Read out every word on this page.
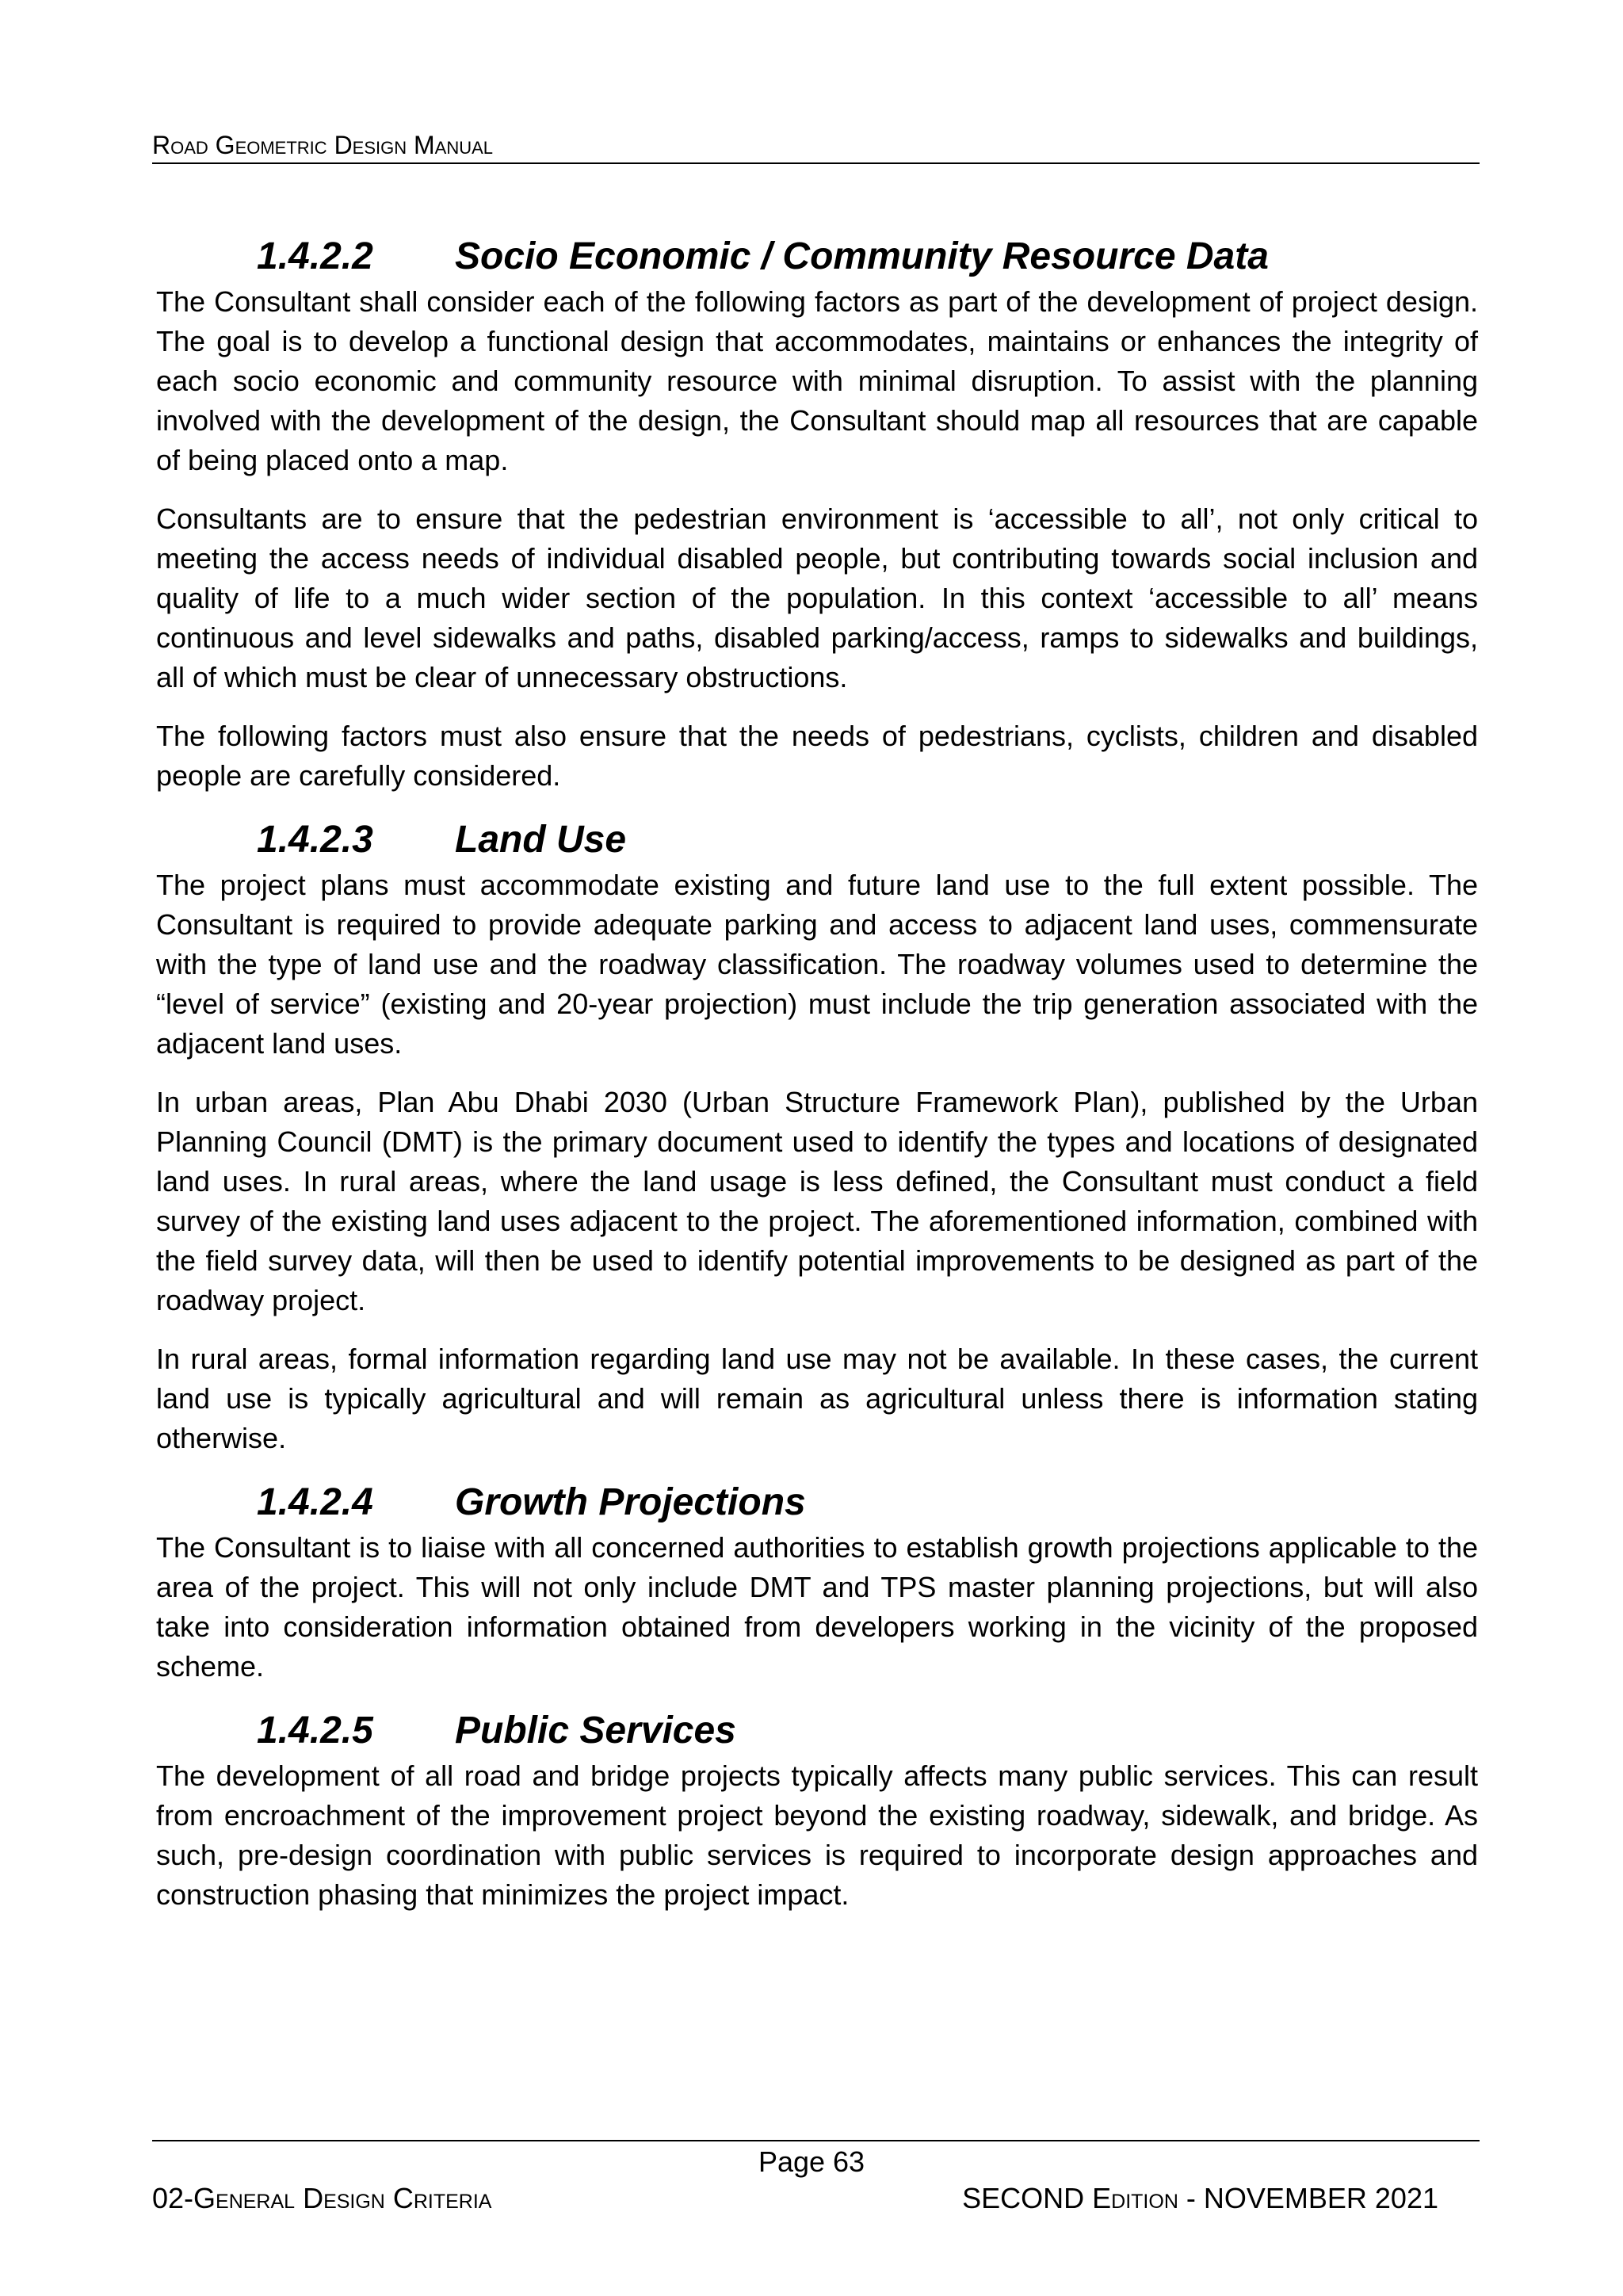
Road Geometric Design Manual
1.4.2.2	Socio Economic / Community Resource Data

The Consultant shall consider each of the following factors as part of the development of project design. The goal is to develop a functional design that accommodates, maintains or enhances the integrity of each socio economic and community resource with minimal disruption. To assist with the planning involved with the development of the design, the Consultant should map all resources that are capable of being placed onto a map.

Consultants are to ensure that the pedestrian environment is ‘accessible to all’, not only critical to meeting the access needs of individual disabled people, but contributing towards social inclusion and quality of life to a much wider section of the population. In this context ‘accessible to all’ means continuous and level sidewalks and paths, disabled parking/access, ramps to sidewalks and buildings, all of which must be clear of unnecessary obstructions.

The following factors must also ensure that the needs of pedestrians, cyclists, children and disabled people are carefully considered.

1.4.2.3	Land Use

The project plans must accommodate existing and future land use to the full extent possible. The Consultant is required to provide adequate parking and access to adjacent land uses, commensurate with the type of land use and the roadway classification. The roadway volumes used to determine the “level of service” (existing and 20-year projection) must include the trip generation associated with the adjacent land uses.

In urban areas, Plan Abu Dhabi 2030 (Urban Structure Framework Plan), published by the Urban Planning Council (DMT) is the primary document used to identify the types and locations of designated land uses. In rural areas, where the land usage is less defined, the Consultant must conduct a field survey of the existing land uses adjacent to the project. The aforementioned information, combined with the field survey data, will then be used to identify potential improvements to be designed as part of the roadway project.

In rural areas, formal information regarding land use may not be available. In these cases, the current land use is typically agricultural and will remain as agricultural unless there is information stating otherwise.

1.4.2.4	Growth Projections

The Consultant is to liaise with all concerned authorities to establish growth projections applicable to the area of the project. This will not only include DMT and TPS master planning projections, but will also take into consideration information obtained from developers working in the vicinity of the proposed scheme.

1.4.2.5	Public Services

The development of all road and bridge projects typically affects many public services. This can result from encroachment of the improvement project beyond the existing roadway, sidewalk, and bridge. As such, pre-design coordination with public services is required to incorporate design approaches and construction phasing that minimizes the project impact.

Page 63
02-General Design Criteria	SECOND Edition - NOVEMBER 2021
